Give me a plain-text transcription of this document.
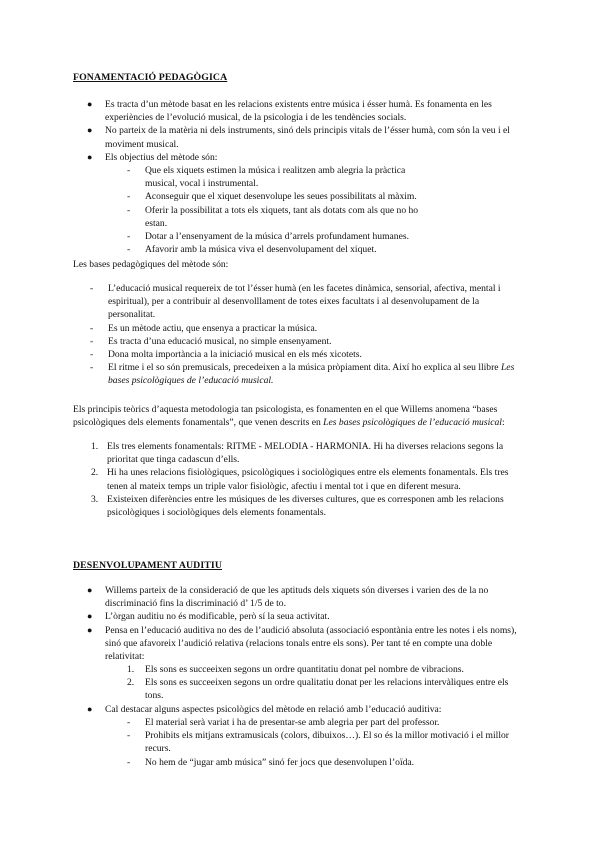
FONAMENTACIÓ PEDAGÒGICA
●	Es tracta d’un mètode basat en les relacions existents entre música i ésser humà. Es fonamenta en les experiències de l’evolució musical, de la psicologia i de les tendències socials.
●	No parteix de la matèria ni dels instruments, sinó dels principis vitals de l’ésser humà, com són la veu i el moviment musical.
●	Els objectius del mètode són:
-	Que els xiquets estimen la música i realitzen amb alegria la pràctica musical, vocal i instrumental.
-	Aconseguir que el xiquet desenvolupe les seues possibilitats al màxim.
-	Oferir la possibilitat a tots els xiquets, tant als dotats com als que no ho estan.
-	Dotar a l’ensenyament de la música d’arrels profundament humanes.
-	Afavorir amb la música viva el desenvolupament del xiquet.

Les bases pedagògiques del mètode són:

-	L’educació musical requereix de tot l’ésser humà (en les facetes dinàmica, sensorial, afectiva, mental i espiritual), per a contribuir al desenvolllament de totes eixes facultats i al desenvolupament de la personalitat.
-	Es un mètode actiu, que ensenya a practicar la música.
-	Es tracta d’una educació musical, no simple ensenyament.
-	Dona molta importància a la iniciació musical en els més xicotets.
-	El ritme i el so són premusicals, precedeixen a la música pròpiament dita. Així ho explica al seu llibre Les bases psicològiques de l’educació musical.

Els principis teòrics d’aquesta metodologia tan psicologista, es fonamenten en el que Willems anomena “bases psicològiques dels elements fonamentals”, que venen descrits en Les bases psicològiques de l’educació musical:

1. Els tres elements fonamentals: RITME - MELODIA - HARMONIA. Hi ha diverses relacions segons la prioritat que tinga cadascun d’ells.
2. Hi ha unes relacions fisiològiques, psicològiques i sociològiques entre els elements fonamentals. Els tres tenen al mateix temps un triple valor fisiològic, afectiu i mental tot i que en diferent mesura.
3. Existeixen diferències entre les músiques de les diverses cultures, que es corresponen amb les relacions psicològiques i sociològiques dels elements fonamentals.
DESENVOLUPAMENT AUDITIU
●	Willems parteix de la consideració de que les aptituds dels xiquets són diverses i varien des de la no discriminació fins la discriminació d’ 1/5 de to.
●	L’òrgan auditiu no és modificable, però sí la seua activitat.
●	Pensa en l’educació auditiva no des de l’audició absoluta (associació espontània entre les notes i els noms), sinó que afavoreix l’audició relativa (relacions tonals entre els sons). Per tant té en compte una doble relativitat:
1.	Els sons es succeeixen segons un ordre quantitatiu donat pel nombre de vibracions.
2.	Els sons es succeeixen segons un ordre qualitatiu donat per les relacions intervàliques entre els tons.
●	Cal destacar alguns aspectes psicològics del mètode en relació amb l’educació auditiva:
-	El material serà variat i ha de presentar-se amb alegria per part del professor.
-	Prohibits els mitjans extramusicals (colors, dibuixos…). El so és la millor motivació i el millor recurs.
-	No hem de “jugar amb música” sinó fer jocs que desenvolupen l’oïda.
